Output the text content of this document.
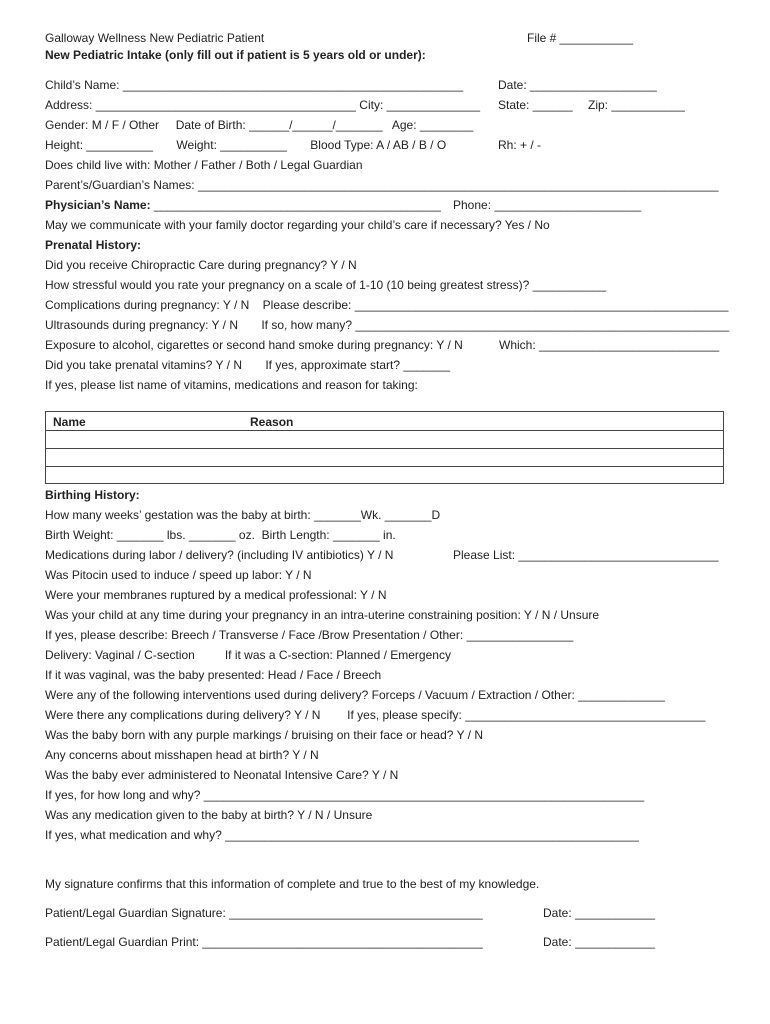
Galloway Wellness New Pediatric Patient	File # ___________
New Pediatric Intake (only fill out if patient is 5 years old or under):
Child’s Name: ___________________________________________________	Date: ___________________
Address: _______________________________________ City: ______________ State: ______ Zip: ___________
Gender: M / F / Other     Date of Birth: ______/______/_______   Age: ________
Height: __________       Weight: __________       Blood Type: A / AB / B / O	Rh: + / -
Does child live with: Mother / Father / Both / Legal Guardian
Parent’s/Guardian’s Names: ______________________________________________________________________________
Physician’s Name: ___________________________________________ Phone: ______________________
May we communicate with your family doctor regarding your child’s care if necessary? Yes / No
Prenatal History:
Did you receive Chiropractic Care during pregnancy? Y / N
How stressful would you rate your pregnancy on a scale of 1-10 (10 being greatest stress)? ___________
Complications during pregnancy: Y / N    Please describe: ________________________________________________________
Ultrasounds during pregnancy: Y / N       If so, how many? ________________________________________________________
Exposure to alcohol, cigarettes or second hand smoke during pregnancy: Y / N	Which: ___________________________
Did you take prenatal vitamins? Y / N       If yes, approximate start? _______
If yes, please list name of vitamins, medications and reason for taking:
Name	Reason
Birthing History:
How many weeks’ gestation was the baby at birth: _______Wk. _______D
Birth Weight: _______ lbs. _______ oz.  Birth Length: _______ in.
Medications during labor / delivery? (including IV antibiotics) Y / N	Please List: ______________________________
Was Pitocin used to induce / speed up labor: Y / N
Were your membranes ruptured by a medical professional: Y / N
Was your child at any time during your pregnancy in an intra-uterine constraining position: Y / N / Unsure
If yes, please describe: Breech / Transverse / Face /Brow Presentation / Other: ________________
Delivery: Vaginal / C-section         If it was a C-section: Planned / Emergency
If it was vaginal, was the baby presented: Head / Face / Breech
Were any of the following interventions used during delivery? Forceps / Vacuum / Extraction / Other: _____________
Were there any complications during delivery? Y / N        If yes, please specify: ____________________________________
Was the baby born with any purple markings / bruising on their face or head? Y / N
Any concerns about misshapen head at birth? Y / N
Was the baby ever administered to Neonatal Intensive Care? Y / N
If yes, for how long and why? __________________________________________________________________
Was any medication given to the baby at birth? Y / N / Unsure
If yes, what medication and why? ______________________________________________________________
My signature confirms that this information of complete and true to the best of my knowledge.
Patient/Legal Guardian Signature: ______________________________________	Date: ____________
Patient/Legal Guardian Print: __________________________________________	Date: ____________
